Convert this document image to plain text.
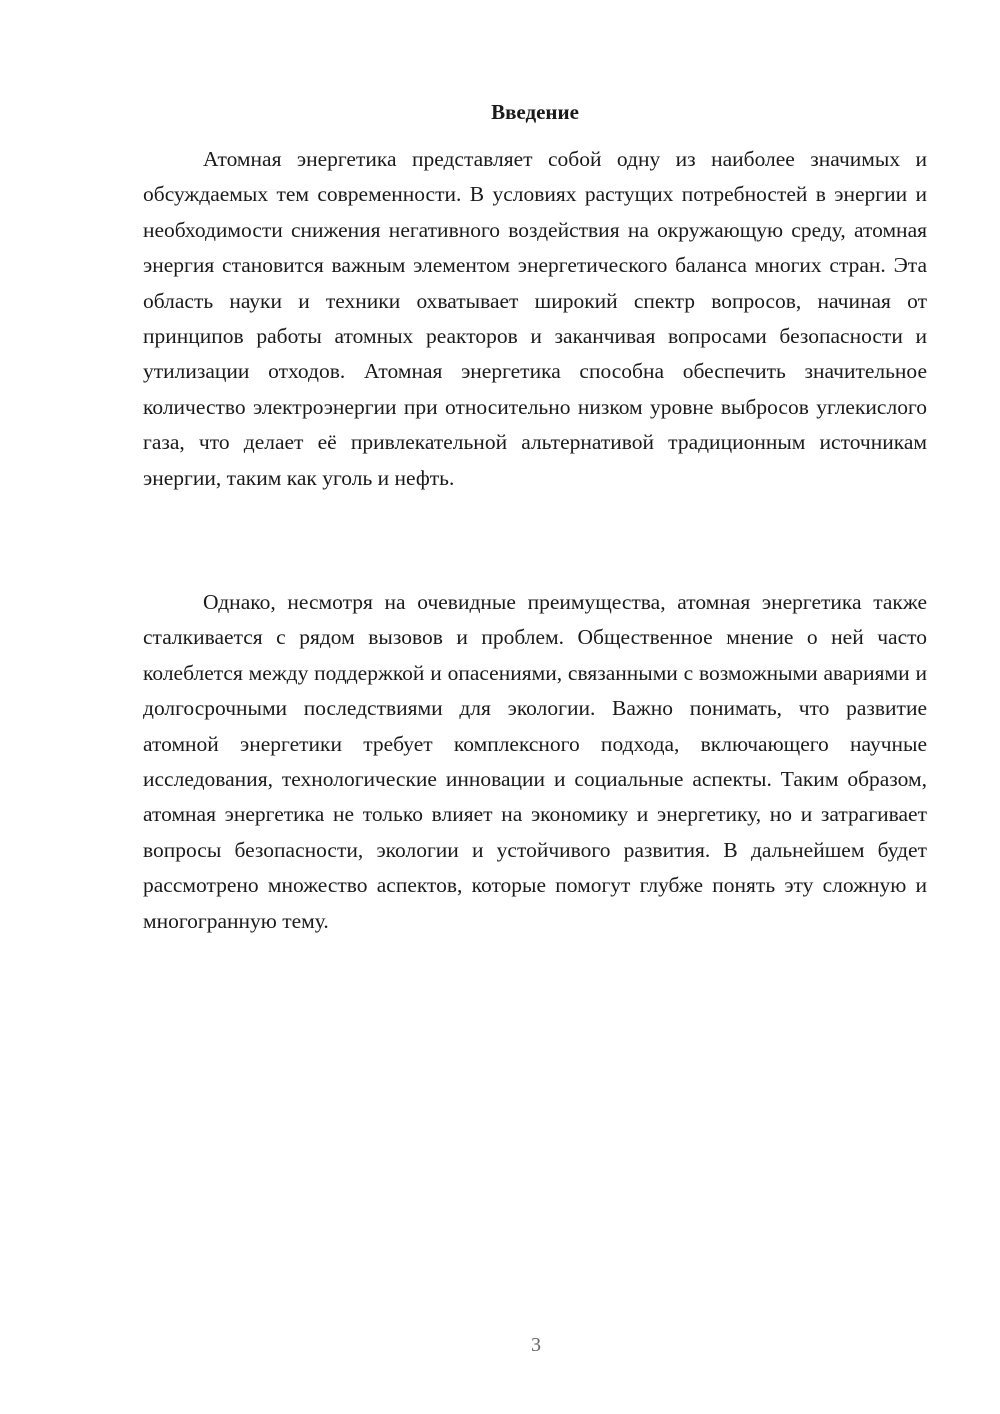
Введение

Атомная энергетика представляет собой одну из наиболее значимых и обсуждаемых тем современности. В условиях растущих потребностей в энергии и необходимости снижения негативного воздействия на окружающую среду, атомная энергия становится важным элементом энергетического баланса многих стран. Эта область науки и техники охватывает широкий спектр вопросов, начиная от принципов работы атомных реакторов и заканчивая вопросами безопасности и утилизации отходов. Атомная энергетика способна обеспечить значительное количество электроэнергии при относительно низком уровне выбросов углекислого газа, что делает её привлекательной альтернативой традиционным источникам энергии, таким как уголь и нефть.

Однако, несмотря на очевидные преимущества, атомная энергетика также сталкивается с рядом вызовов и проблем. Общественное мнение о ней часто колеблется между поддержкой и опасениями, связанными с возможными авариями и долгосрочными последствиями для экологии. Важно понимать, что развитие атомной энергетики требует комплексного подхода, включающего научные исследования, технологические инновации и социальные аспекты. Таким образом, атомная энергетика не только влияет на экономику и энергетику, но и затрагивает вопросы безопасности, экологии и устойчивого развития. В дальнейшем будет рассмотрено множество аспектов, которые помогут глубже понять эту сложную и многогранную тему.

3
